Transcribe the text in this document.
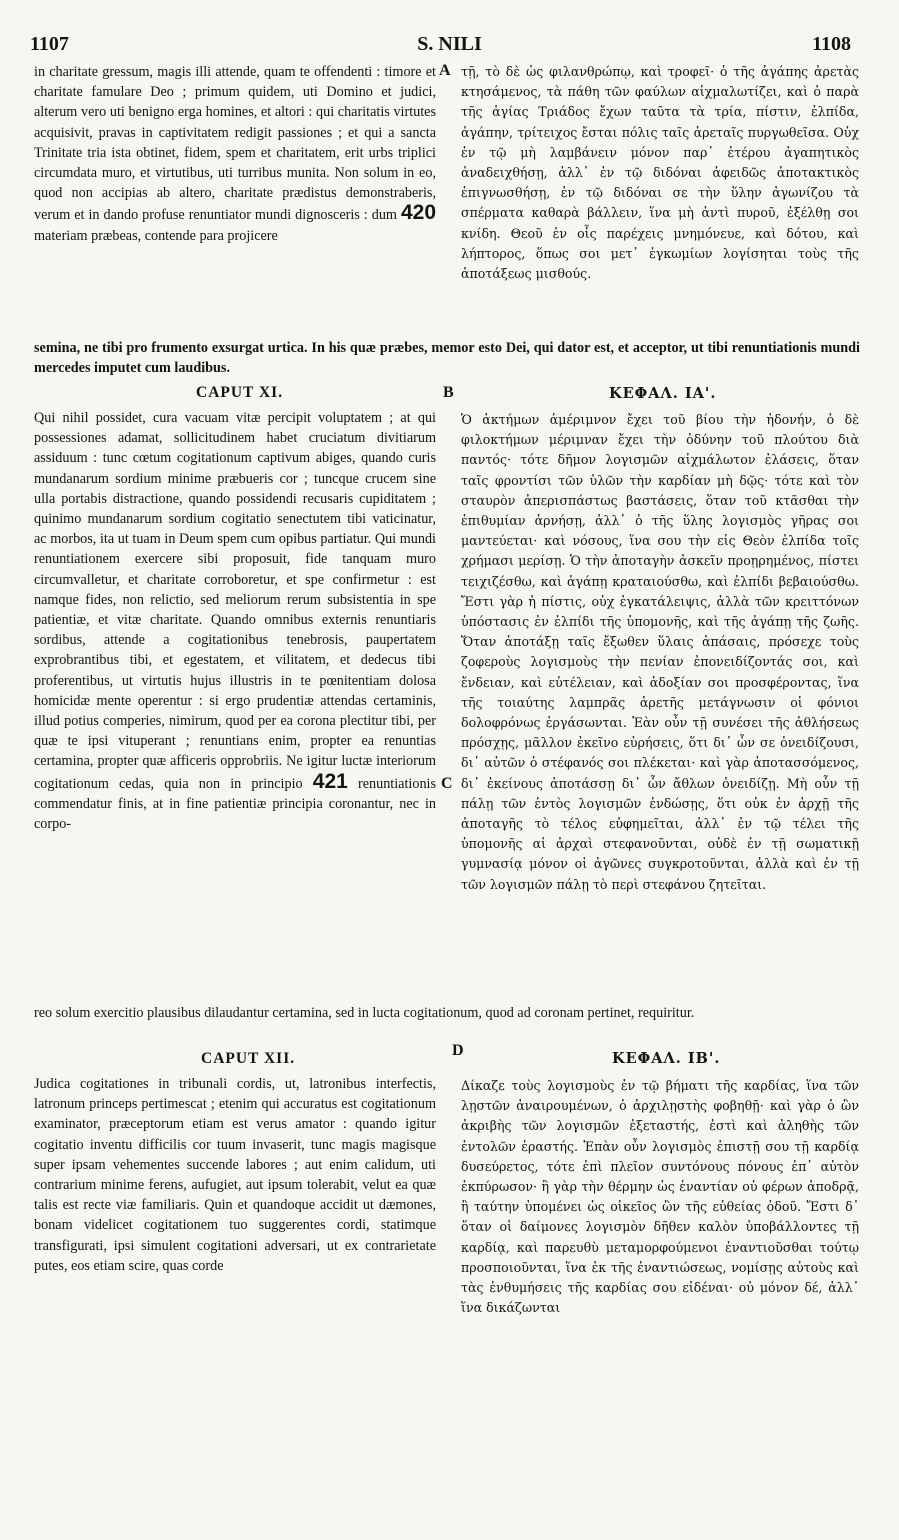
1107	S. NILI	1108

in charitate gressum, magis illi attende, quam te offendenti : timore et charitate famulare Deo ; primum quidem, uti Domino et judici, alterum vero uti benigno erga homines, et altori : qui charitatis virtutes acquisivit, pravas in captivitatem redigit passiones ; et qui a sancta Trinitate tria ista obtinet, fidem, spem et charitatem, erit urbs triplici circumdata muro, et virtutibus, uti turribus munita. Non solum in eo, quod non accipias ab altero, charitate prædistus demonstraberis, verum et in dando profuse renuntiator mundi dignosceris : dum 420 materiam præbeas, contende para projicere

A τῇ, τὸ δὲ ὡς φιλανθρώπῳ, καὶ τροφεῖ· ὁ τῆς ἀγάπης ἀρετὰς κτησάμενος, τὰ πάθη τῶν φαύλων αἰχμαλωτίζει, καὶ ὁ παρὰ τῆς ἁγίας Τριάδος ἔχων ταῦτα τὰ τρία, πίστιν, ἐλπίδα, ἀγάπην, τρίτειχος ἔσται πόλις ταῖς ἀρεταῖς πυργωθεῖσα. Οὐχ ἐν τῷ μὴ λαμβάνειν μόνον παρ᾽ ἑτέρου ἀγαπητικὸς ἀναδειχθήσῃ, ἀλλ᾽ ἐν τῷ διδόναι ἀφειδῶς ἀποτακτικὸς ἐπιγνωσθήσῃ, ἐν τῷ διδόναι σε τὴν ὕλην ἀγωνίζου τὰ σπέρματα καθαρὰ βάλλειν, ἵνα μὴ ἀντὶ πυροῦ, ἐξέλθῃ σοι κνίδη. Θεοῦ ἐν οἷς παρέχεις μνημόνευε, καὶ δότου, καὶ λήπτορος, ὅπως σοι μετ᾽ ἐγκωμίων λογίσηται τοὺς τῆς ἀποτάξεως μισθούς.

semina, ne tibi pro frumento exsurgat urtica. In his quæ præbes, memor esto Dei, qui dator est, et acceptor, ut tibi renuntiationis mundi mercedes imputet cum laudibus.
CAPUT XI.	B	ΚΕΦΑΛ. ΙΑ'.

Qui nihil possidet, cura vacuam vitæ percipit voluptatem ; at qui possessiones adamat, sollicitudinem habet cruciatum divitiarum assiduum : tunc cœtum cogitationum captivum abiges, quando curis mundanarum sordium minime præbueris cor ; tuncque crucem sine ulla portabis distractione, quando possidendi recusaris cupiditatem ; quinimo mundanarum sordium cogitatio senectutem tibi vaticinatur, ac morbos, ita ut tuam in Deum spem cum opibus partiatur. Qui mundi renuntiationem exercere sibi proposuit, fide tanquam muro circumvalletur, et charitate corroboretur, et spe confirmetur : est namque fides, non relictio, sed meliorum rerum subsistentia in spe patientiæ, et vitæ charitate. Quando omnibus externis renuntiaris sordibus, attende a cogitationibus tenebrosis, paupertatem exprobrantibus tibi, et egestatem, et vilitatem, et dedecus tibi proferentibus, ut virtutis hujus illustris in te pœnitentiam dolosa homicidæ mente operentur : si ergo prudentiæ attendas certaminis, illud potius comperies, nimirum, quod per ea corona plectitur tibi, per quæ te ipsi vituperant ; renuntians enim, propter ea renuntias certamina, propter quæ afficeris opprobriis. Ne igitur luctæ interiorum cogitationum cedas, quia non in principio 421 renuntiationis commendatur finis, at in fine patientiæ principia coronantur, nec in corpo-

C

Ὁ ἀκτήμων ἀμέριμνον ἔχει τοῦ βίου τὴν ἡδονήν, ὁ δὲ φιλοκτήμων μέριμναν ἔχει τὴν ὀδύνην τοῦ πλούτου διὰ παντός· τότε δῆμον λογισμῶν αἰχμάλωτον ἐλάσεις, ὅταν ταῖς φροντίσι τῶν ὑλῶν τὴν καρδίαν μὴ δῷς· τότε καὶ τὸν σταυρὸν ἀπερισπάστως βαστάσεις, ὅταν τοῦ κτᾶσθαι τὴν ἐπιθυμίαν ἀρνήσῃ, ἀλλ᾽ ὁ τῆς ὕλης λογισμὸς γῆρας σοι μαντεύεται· καὶ νόσους, ἵνα σου τὴν εἰς Θεὸν ἐλπίδα τοῖς χρήμασι μερίσῃ. Ὁ τὴν ἀποταγὴν ἀσκεῖν προῃρημένος, πίστει τειχιζέσθω, καὶ ἀγάπῃ κραταιούσθω, καὶ ἐλπίδι βεβαιούσθω. Ἔστι γὰρ ἡ πίστις, οὐχ ἐγκατάλειψις, ἀλλὰ τῶν κρειττόνων ὑπόστασις ἐν ἐλπίδι τῆς ὑπομονῆς, καὶ τῆς ἀγάπῃ τῆς ζωῆς. Ὅταν ἀποτάξῃ ταῖς ἔξωθεν ὕλαις ἁπάσαις, πρόσεχε τοὺς ζοφεροὺς λογισμοὺς τὴν πενίαν ἐπονειδίζοντάς σοι, καὶ ἔνδειαν, καὶ εὐτέλειαν, καὶ ἀδοξίαν σοι προσφέροντας, ἵνα τῆς τοιαύτης λαμπρᾶς ἀρετῆς μετάγνωσιν οἱ φόνιοι δολοφρόνως ἐργάσωνται. Ἐὰν οὖν τῇ συνέσει τῆς ἀθλήσεως πρόσχῃς, μᾶλλον ἐκεῖνο εὑρήσεις, ὅτι δι᾽ ὧν σε ὀνειδίζουσι, δι᾽ αὐτῶν ὁ στέφανός σοι πλέκεται· καὶ γὰρ ἀποτασσόμενος, δι᾽ ἐκείνους ἀποτάσσῃ δι᾽ ὧν ἄθλων ὀνειδίζῃ. Μὴ οὖν τῇ πάλῃ τῶν ἐντὸς λογισμῶν ἐνδώσῃς, ὅτι οὐκ ἐν ἀρχῇ τῆς ἀποταγῆς τὸ τέλος εὐφημεῖται, ἀλλ᾽ ἐν τῷ τέλει τῆς ὑπομονῆς αἱ ἀρχαὶ στεφανοῦνται, οὐδὲ ἐν τῇ σωματικῇ γυμνασίᾳ μόνον οἱ ἀγῶνες συγκροτοῦνται, ἀλλὰ καὶ ἐν τῇ τῶν λογισμῶν πάλῃ τὸ περὶ στεφάνου ζητεῖται.

reo solum exercitio plausibus dilaudantur certamina, sed in lucta cogitationum, quod ad coronam pertinet, requiritur.
CAPUT XII.	D	ΚΕΦΑΛ. ΙΒ'.

Judica cogitationes in tribunali cordis, ut, latronibus interfectis, latronum princeps pertimescat ; etenim qui accuratus est cogitationum examinator, præceptorum etiam est verus amator : quando igitur cogitatio inventu difficilis cor tuum invaserit, tunc magis magisque super ipsam vehementes succende labores ; aut enim calidum, uti contrarium minime ferens, aufugiet, aut ipsum tolerabit, velut ea quæ talis est recte viæ familiaris. Quin et quandoque accidit ut dæmones, bonam videlicet cogitationem tuo suggerentes cordi, statimque transfigurati, ipsi simulent cogitationi adversari, ut ex contrarietate putes, eos etiam scire, quas corde

Δίκαζε τοὺς λογισμοὺς ἐν τῷ βήματι τῆς καρδίας, ἵνα τῶν λῃστῶν ἀναιρουμένων, ὁ ἀρχιλῃστὴς φοβηθῇ· καὶ γὰρ ὁ ὢν ἀκριβὴς τῶν λογισμῶν ἐξεταστής, ἐστὶ καὶ ἀληθὴς τῶν ἐντολῶν ἐραστής. Ἐπὰν οὖν λογισμὸς ἐπιστῇ σου τῇ καρδίᾳ δυσεύρετος, τότε ἐπὶ πλεῖον συντόνους πόνους ἐπ᾽ αὐτὸν ἐκπύρωσον· ἢ γὰρ τὴν θέρμην ὡς ἐναντίαν οὐ φέρων ἀποδρᾷ, ἢ ταύτην ὑπομένει ὡς οἰκεῖος ὢν τῆς εὐθείας ὁδοῦ. Ἔστι δ᾽ ὅταν οἱ δαίμονες λογισμὸν δῆθεν καλὸν ὑποβάλλοντες τῇ καρδίᾳ, καὶ παρευθὺ μεταμορφούμενοι ἐναντιοῦσθαι τούτῳ προσποιοῦνται, ἵνα ἐκ τῆς ἐναντιώσεως, νομίσῃς αὐτοὺς καὶ τὰς ἐνθυμήσεις τῆς καρδίας σου εἰδέναι· οὐ μόνον δέ, ἀλλ᾽ ἵνα δικάζωνται
